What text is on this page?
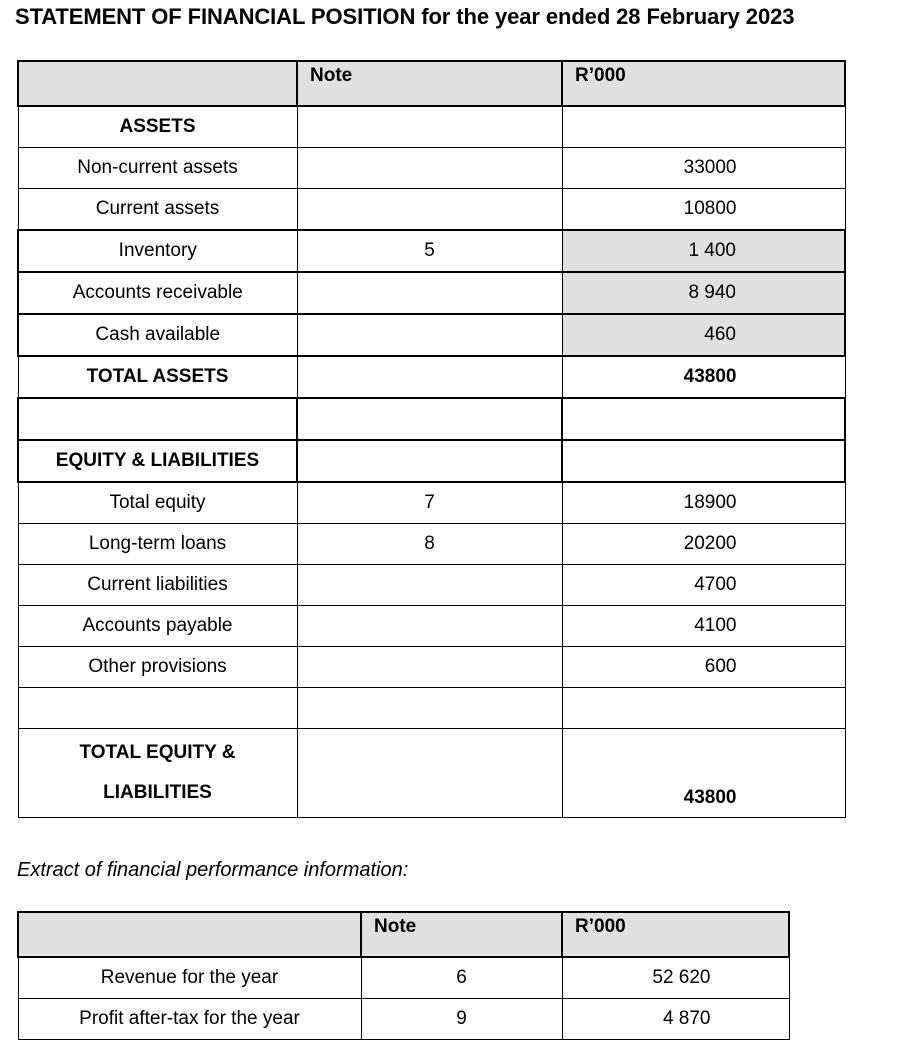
STATEMENT OF FINANCIAL POSITION for the year ended 28 February 2023
	Note	R’000
ASSETS		
Non-current assets		33000
Current assets		10800
Inventory	5	1 400
Accounts receivable		8 940
Cash available		460
TOTAL ASSETS		43800

EQUITY & LIABILITIES		
Total equity	7	18900
Long-term loans	8	20200
Current liabilities		4700
Accounts payable		4100
Other provisions		600

TOTAL EQUITY &
LIABILITIES		43800
Extract of financial performance information:
	Note	R’000
Revenue for the year	6	52 620
Profit after-tax for the year	9	4 870
